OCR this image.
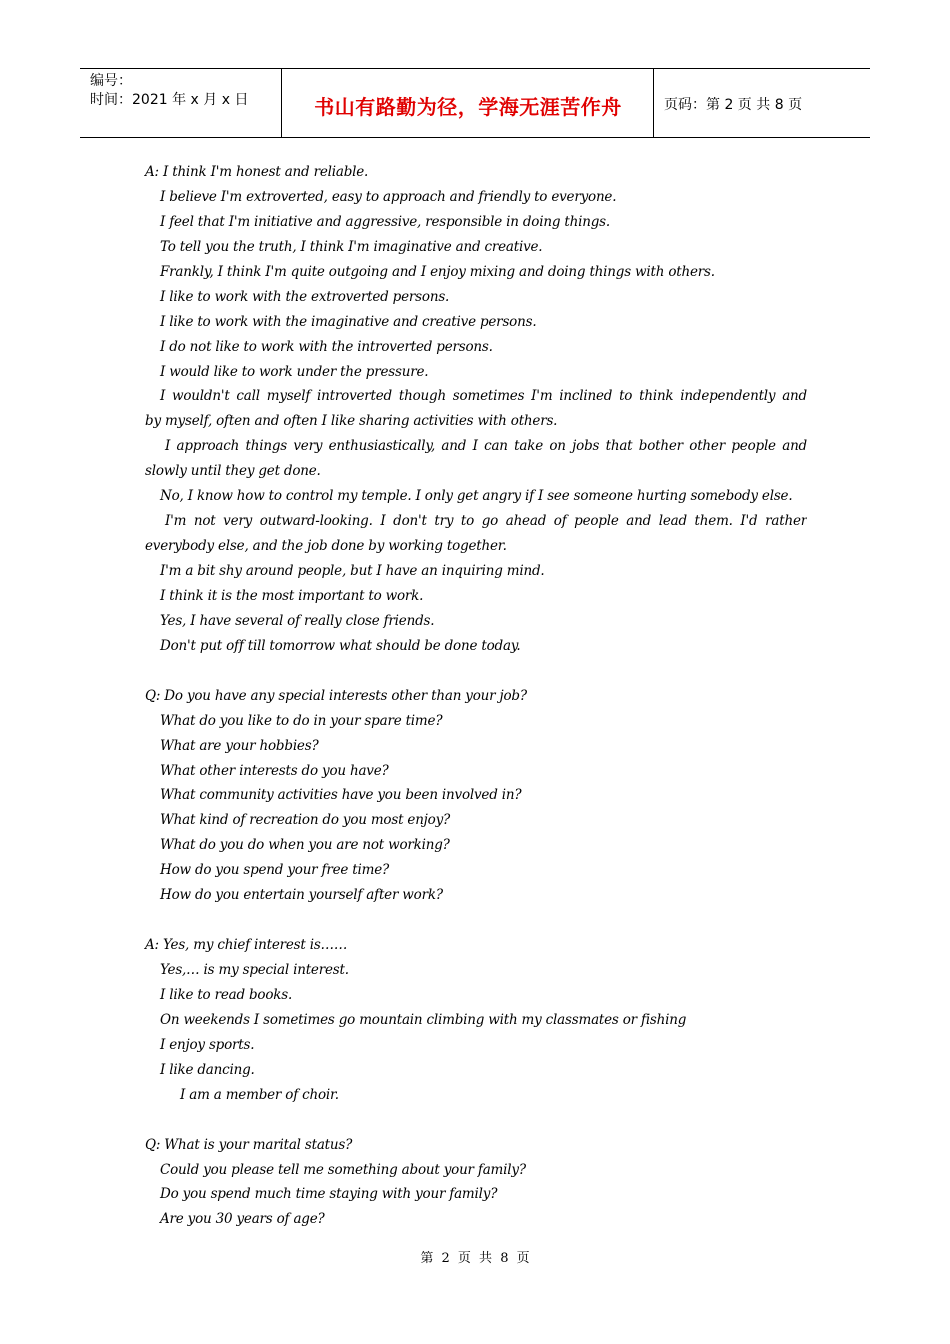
编号：
时间：2021 年 x 月 x 日	书山有路勤为径，学海无涯苦作舟	页码：第 2 页 共 8 页
A: I think I'm honest and reliable.
I believe I'm extroverted, easy to approach and friendly to everyone.
I feel that I'm initiative and aggressive, responsible in doing things.
To tell you the truth, I think I'm imaginative and creative.
Frankly, I think I'm quite outgoing and I enjoy mixing and doing things with others.
I like to work with the extroverted persons.
I like to work with the imaginative and creative persons.
I do not like to work with the introverted persons.
I would like to work under the pressure.
I wouldn't call myself introverted though sometimes I'm inclined to think independently and
by myself, often and often I like sharing activities with others.
I approach things very enthusiastically, and I can take on jobs that bother other people and
slowly until they get done.
No, I know how to control my temple. I only get angry if I see someone hurting somebody else.
I'm not very outward-looking. I don't try to go ahead of people and lead them. I'd rather
everybody else, and the job done by working together.
I'm a bit shy around people, but I have an inquiring mind.
I think it is the most important to work.
Yes, I have several of really close friends.
Don't put off till tomorrow what should be done today.
Q: Do you have any special interests other than your job?
What do you like to do in your spare time?
What are your hobbies?
What other interests do you have?
What community activities have you been involved in?
What kind of recreation do you most enjoy?
What do you do when you are not working?
How do you spend your free time?
How do you entertain yourself after work?
A: Yes, my chief interest is……
Yes,… is my special interest.
I like to read books.
On weekends I sometimes go mountain climbing with my classmates or fishing
I enjoy sports.
I like dancing.
I am a member of choir.
Q: What is your marital status?
Could you please tell me something about your family?
Do you spend much time staying with your family?
Are you 30 years of age?
第 2 页 共 8 页
